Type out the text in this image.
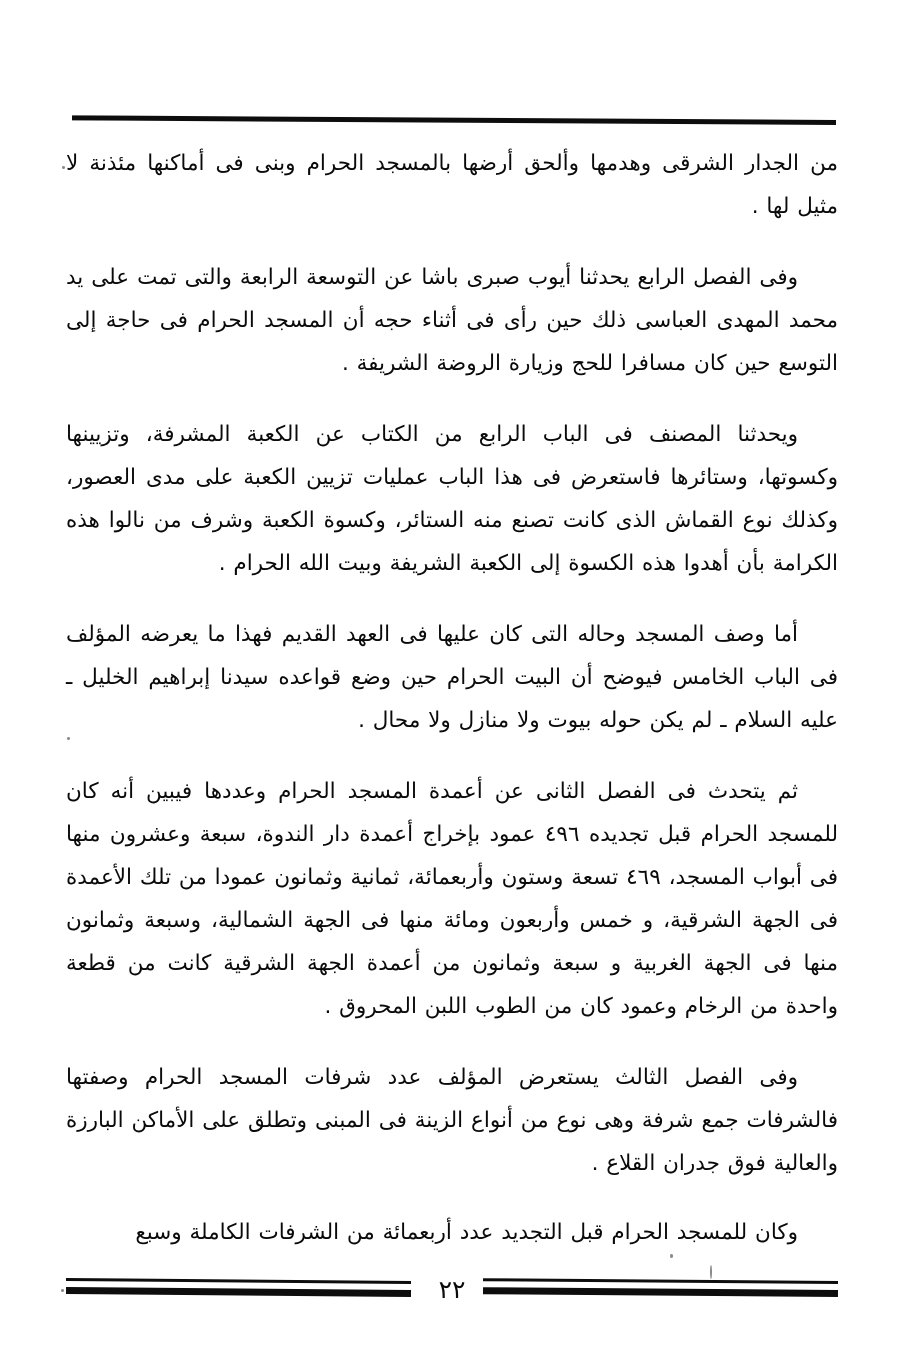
من الجدار الشرقى وهدمها وألحق أرضها بالمسجد الحرام وبنى فى أماكنها مئذنة لا مثيل لها .

وفى الفصل الرابع يحدثنا أيوب صبرى باشا عن التوسعة الرابعة والتى تمت على يد محمد المهدى العباسى ذلك حين رأى فى أثناء حجه أن المسجد الحرام فى حاجة إلى التوسع حين كان مسافرا للحج وزيارة الروضة الشريفة .

ويحدثنا المصنف فى الباب الرابع من الكتاب عن الكعبة المشرفة، وتزيينها وكسوتها، وستائرها فاستعرض فى هذا الباب عمليات تزيين الكعبة على مدى العصور، وكذلك نوع القماش الذى كانت تصنع منه الستائر، وكسوة الكعبة وشرف من نالوا هذه الكرامة بأن أهدوا هذه الكسوة إلى الكعبة الشريفة وبيت الله الحرام .

أما وصف المسجد وحاله التى كان عليها فى العهد القديم فهذا ما يعرضه المؤلف فى الباب الخامس فيوضح أن البيت الحرام حين وضع قواعده سيدنا إبراهيم الخليل ـ عليه السلام ـ لم يكن حوله بيوت ولا منازل ولا محال .

ثم يتحدث فى الفصل الثانى عن أعمدة المسجد الحرام وعددها فيبين أنه كان للمسجد الحرام قبل تجديده ٤٩٦ عمود بإخراج أعمدة دار الندوة، سبعة وعشرون منها فى أبواب المسجد، ٤٦٩ تسعة وستون وأربعمائة، ثمانية وثمانون عمودا من تلك الأعمدة فى الجهة الشرقية، و خمس وأربعون ومائة منها فى الجهة الشمالية، وسبعة وثمانون منها فى الجهة الغربية و سبعة وثمانون من أعمدة الجهة الشرقية كانت من قطعة واحدة من الرخام وعمود كان من الطوب اللبن المحروق .

وفى الفصل الثالث يستعرض المؤلف عدد شرفات المسجد الحرام وصفتها فالشرفات جمع شرفة وهى نوع من أنواع الزينة فى المبنى وتطلق على الأماكن البارزة والعالية فوق جدران القلاع .

وكان للمسجد الحرام قبل التجديد عدد أربعمائة من الشرفات الكاملة وسبع

٢٢
